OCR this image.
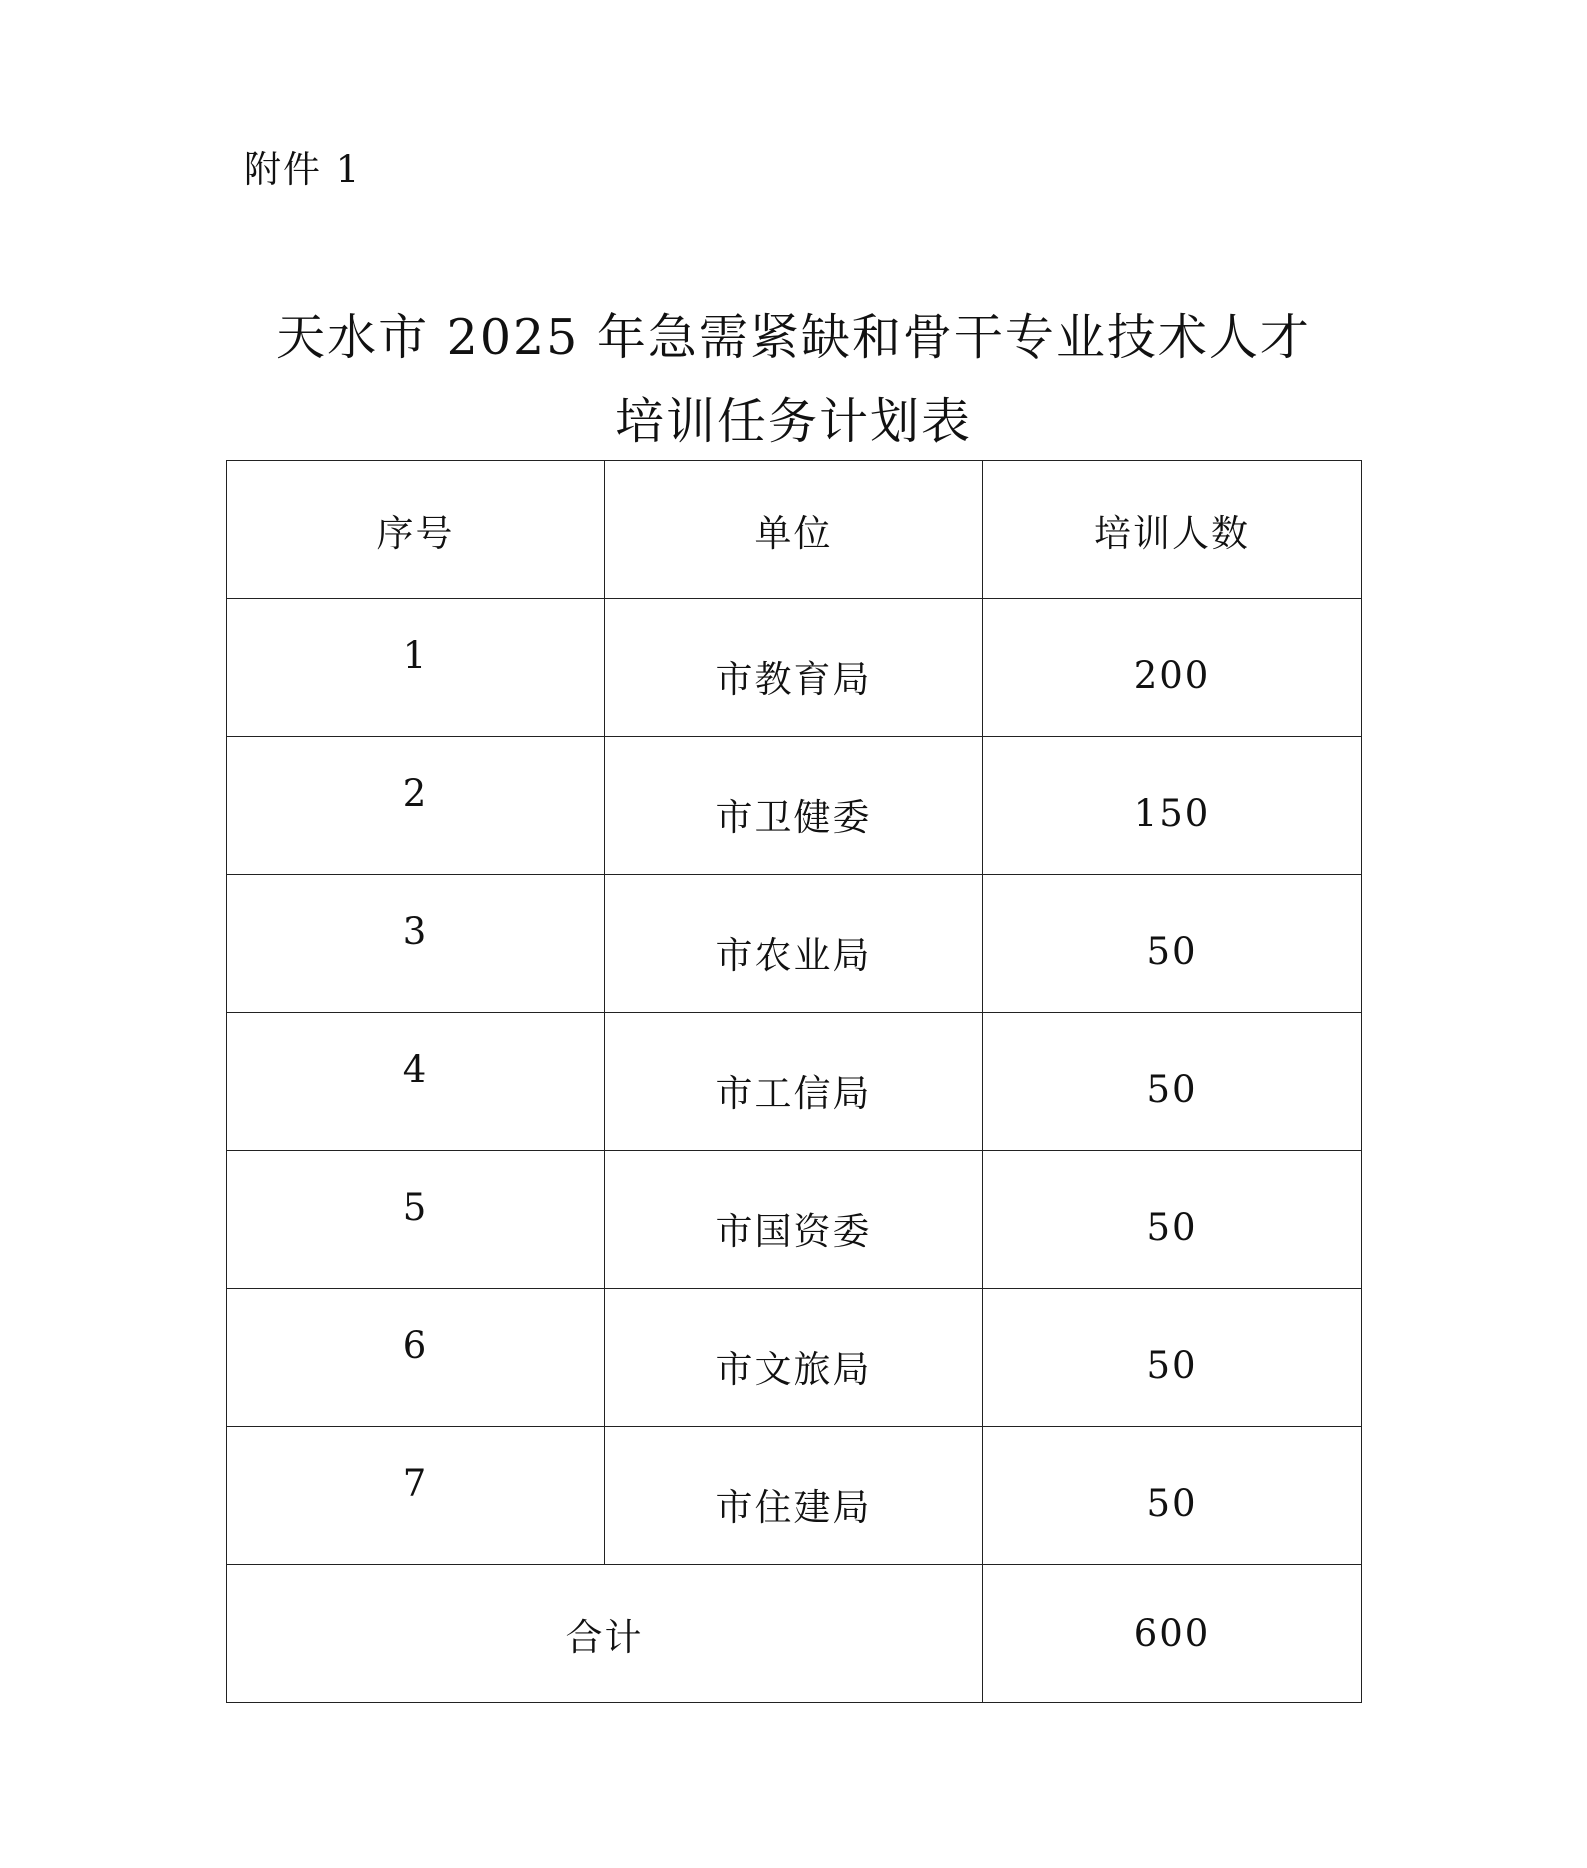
附件 1
天水市 2025 年急需紧缺和骨干专业技术人才
培训任务计划表
序号	单位	培训人数
1	市教育局	200
2	市卫健委	150
3	市农业局	50
4	市工信局	50
5	市国资委	50
6	市文旅局	50
7	市住建局	50
合计		600
